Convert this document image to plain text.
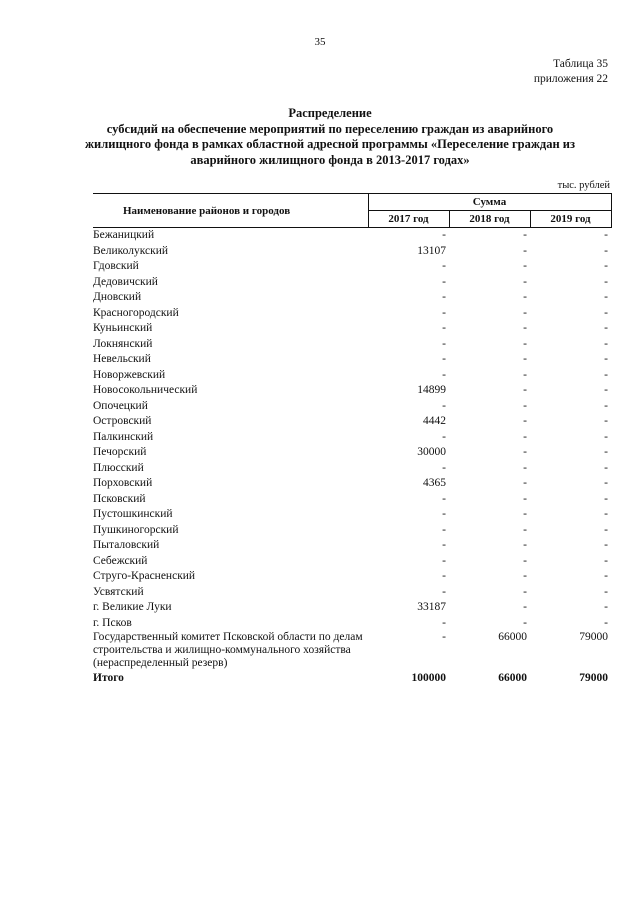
35
Таблица 35
приложения 22
Распределение
субсидий на обеспечение мероприятий по переселению граждан из аварийного
жилищного фонда в рамках областной адресной программы «Переселение граждан из
аварийного жилищного фонда в 2013-2017 годах»
тыс. рублей
Наименование районов и городов	Сумма		
	2017 год	2018 год	2019 год
Бежаницкий	-	-	-
Великолукский	13107	-	-
Гдовский	-	-	-
Дедовичский	-	-	-
Дновский	-	-	-
Красногородский	-	-	-
Куньинский	-	-	-
Локнянский	-	-	-
Невельский	-	-	-
Новоржевский	-	-	-
Новосокольнический	14899	-	-
Опочецкий	-	-	-
Островский	4442	-	-
Палкинский	-	-	-
Печорский	30000	-	-
Плюсский	-	-	-
Порховский	4365	-	-
Псковский	-	-	-
Пустошкинский	-	-	-
Пушкиногорский	-	-	-
Пыталовский	-	-	-
Себежский	-	-	-
Струго-Красненский	-	-	-
Усвятский	-	-	-
г. Великие Луки	33187	-	-
г. Псков	-	-	-
Государственный комитет Псковской области по делам строительства и жилищно-коммунального хозяйства (нераспределенный резерв)	-	66000	79000
Итого	100000	66000	79000
